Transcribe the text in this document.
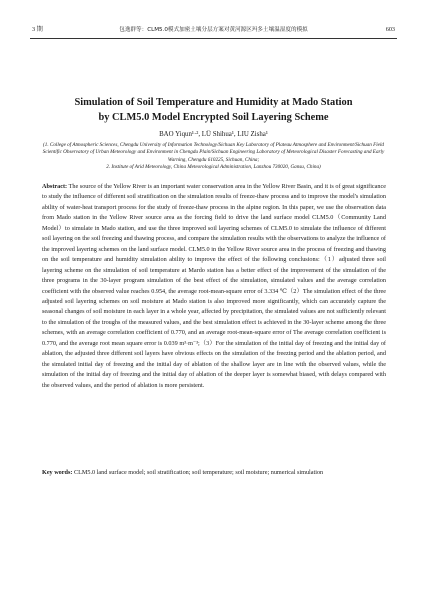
3 期	包逸群等：CLM5.0模式加密土壤分层方案对黄河源区玛多土壤温湿度的模拟	603
Simulation of Soil Temperature and Humidity at Mado Station
by CLM5.0 Model Encrypted Soil Layering Scheme
BAO Yiqun¹·², LÜ Shihua¹, LIU Zisha¹
(1. College of Atmospheric Sciences, Chengdu University of Information Technology/Sichuan Key Laboratory of Plateau Atmosphere and Environment/Sichuan Field Scientific Observatory of Urban Meteorology and Environment in Chengdu Plain/Sichuan Engineering Laboratory of Meteorological Disaster Forecasting and Early Warning, Chengdu 610225, Sichuan, China;
2. Institute of Arid Meteorology, China Meteorological Administration, Lanzhou 730020, Gansu, China)
Abstract: The source of the Yellow River is an important water conservation area in the Yellow River Basin, and it is of great significance to study the influence of different soil stratification on the simulation results of freeze-thaw process and to improve the model's simulation ability of water-heat transport process for the study of freeze-thaw process in the alpine region. In this paper, we use the observation data from Mado station in the Yellow River source area as the forcing field to drive the land surface model CLM5.0（Community Land Model）to simulate in Mado station, and use the three improved soil layering schemes of CLM5.0 to simulate the influence of different soil layering on the soil freezing and thawing process, and compare the simulation results with the observations to analyze the influence of the improved layering schemes on the land surface model. CLM5.0 in the Yellow River source area in the process of freezing and thawing on the soil temperature and humidity simulation ability to improve the effect of the following conclusions:（1）adjusted three soil layering scheme on the simulation of soil temperature at Mardo station has a better effect of the improvement of the simulation of the three programs in the 30-layer program simulation of the best effect of the simulation, simulated values and the average correlation coefficient with the observed value reaches 0.954, the average root-mean-square error of 3.334 ℃（2）The simulation effect of the three adjusted soil layering schemes on soil moisture at Mado station is also improved more significantly, which can accurately capture the seasonal changes of soil moisture in each layer in a whole year, affected by precipitation, the simulated values are not sufficiently relevant to the simulation of the troughs of the measured values, and the best simulation effect is achieved in the 30-layer scheme among the three schemes, with an average correlation coefficient of 0.770, and an average root-mean-square error of The average correlation coefficient is 0.770, and the average root mean square error is 0.039 m³·m⁻³;（3）For the simulation of the initial day of freezing and the initial day of ablation, the adjusted three different soil layers have obvious effects on the simulation of the freezing period and the ablation period, and the simulated initial day of freezing and the initial day of ablation of the shallow layer are in line with the observed values, while the simulation of the initial day of freezing and the initial day of ablation of the deeper layer is somewhat biased, with delays compared with the observed values, and the period of ablation is more persistent.
Key words: CLM5.0 land surface model; soil stratification; soil temperature; soil moisture; numerical simulation
